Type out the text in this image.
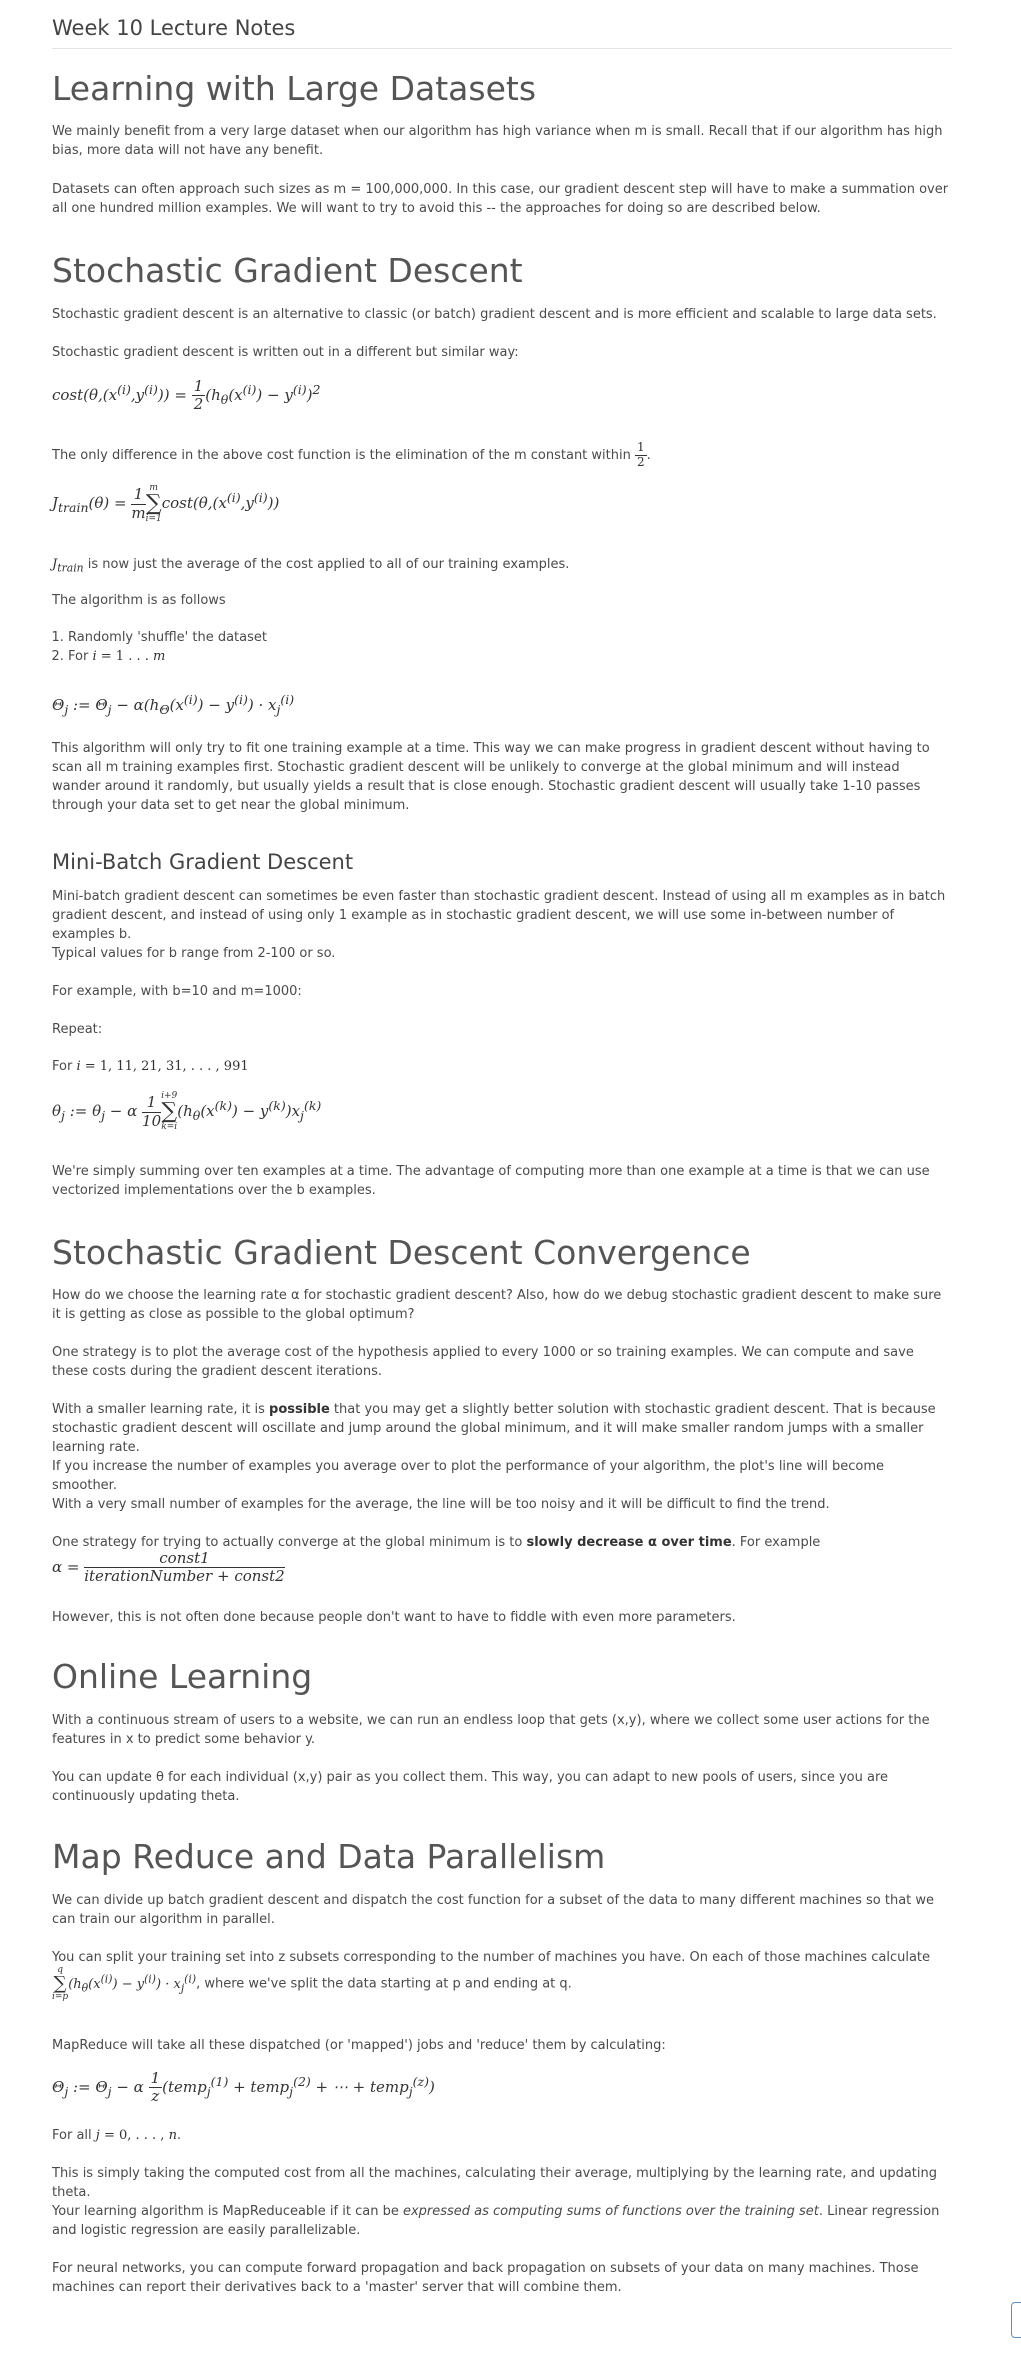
Week 10 Lecture Notes
Learning with Large Datasets

We mainly benefit from a very large dataset when our algorithm has high variance when m is small. Recall that if our algorithm has high bias, more data will not have any benefit.

Datasets can often approach such sizes as m = 100,000,000. In this case, our gradient descent step will have to make a summation over all one hundred million examples. We will want to try to avoid this -- the approaches for doing so are described below.

Stochastic Gradient Descent

Stochastic gradient descent is an alternative to classic (or batch) gradient descent and is more efficient and scalable to large data sets.

Stochastic gradient descent is written out in a different but similar way:

$\cos t(\theta,(x^{(i)},y^{(i)})) = \frac{1}{2} (h_\theta(x^{(i)}) - y^{(i)})^2$

The only difference in the above cost function is the elimination of the m constant within $\frac{1}{2}$ .

$J_{train}(\theta) = \frac{1}{m}$ m
∑
i=1
$\cos t(\theta,(x^{(i)},y^{(i)}))$

$J_{train}$ is now just the average of the cost applied to all of our training examples.

The algorithm is as follows

1. Randomly 'shuffle' the dataset
2. For i = 1 . . . m
$\Theta_j$ := $\Theta_j - \alpha(h_\Theta(x^{(i)}) - y^{(i)}) \cdot x_j^{(i)}$

This algorithm will only try to fit one training example at a time. This way we can make progress in gradient descent without having to scan all m training examples first. Stochastic gradient descent will be unlikely to converge at the global minimum and will instead wander around it randomly, but usually yields a result that is close enough. Stochastic gradient descent will usually take 1-10 passes through your data set to get near the global minimum.

Mini-Batch Gradient Descent

Mini-batch gradient descent can sometimes be even faster than stochastic gradient descent. Instead of using all m examples as in batch gradient descent, and instead of using only 1 example as in stochastic gradient descent, we will use some in-between number of examples b.

Typical values for b range from 2-100 or so.

For example, with b=10 and m=1000:

Repeat:

For i = 1, 11, 21, 31, . . . , 991

$\theta_j$ := $\theta_j - \alpha \frac{1}{10} i+9$
∑
k=i
$(h_\theta(x^{(k)}) - y^{(k)})x_j^{(k)}$

We're simply summing over ten examples at a time. The advantage of computing more than one example at a time is that we can use vectorized implementations over the b examples.

Stochastic Gradient Descent Convergence

How do we choose the learning rate α for stochastic gradient descent? Also, how do we debug stochastic gradient descent to make sure it is getting as close as possible to the global optimum?

One strategy is to plot the average cost of the hypothesis applied to every 1000 or so training examples. We can compute and save these costs during the gradient descent iterations.

With a smaller learning rate, it is possible that you may get a slightly better solution with stochastic gradient descent. That is because stochastic gradient descent will oscillate and jump around the global minimum, and it will make smaller random jumps with a smaller learning rate.

If you increase the number of examples you average over to plot the performance of your algorithm, the plot's line will become smoother.

With a very small number of examples for the average, the line will be too noisy and it will be difficult to find the trend.

One strategy for trying to actually converge at the global minimum is to slowly decrease α over time. For example

$\alpha = \frac{\text{const1}}{\text{iterationNumber + const2}}$

However, this is not often done because people don't want to have to fiddle with even more parameters.

Online Learning

With a continuous stream of users to a website, we can run an endless loop that gets (x,y), where we collect some user actions for the features in x to predict some behavior y.

You can update θ for each individual (x,y) pair as you collect them. This way, you can adapt to new pools of users, since you are continuously updating theta.

Map Reduce and Data Parallelism

We can divide up batch gradient descent and dispatch the cost function for a subset of the data to many different machines so that we can train our algorithm in parallel.

You can split your training set into z subsets corresponding to the number of machines you have. On each of those machines calculate

q
∑
i=p
$(h_\theta(x^{(i)}) - y^{(i)}) \cdot x_j^{(i)}$, where we've split the data starting at p and ending at q.

MapReduce will take all these dispatched (or 'mapped') jobs and 'reduce' them by calculating:

$\Theta_j$ := $\Theta_j - \alpha \frac{1}{z}$ (temp$_j^{(1)}$ + temp$_j^{(2)}$ + ⋯ + temp$_j^{(z)}$)

For all j = 0, . . . , n.

This is simply taking the computed cost from all the machines, calculating their average, multiplying by the learning rate, and updating theta.

Your learning algorithm is MapReduceable if it can be expressed as computing sums of functions over the training set. Linear regression and logistic regression are easily parallelizable.

For neural networks, you can compute forward propagation and back propagation on subsets of your data on many machines. Those machines can report their derivatives back to a 'master' server that will combine them.
